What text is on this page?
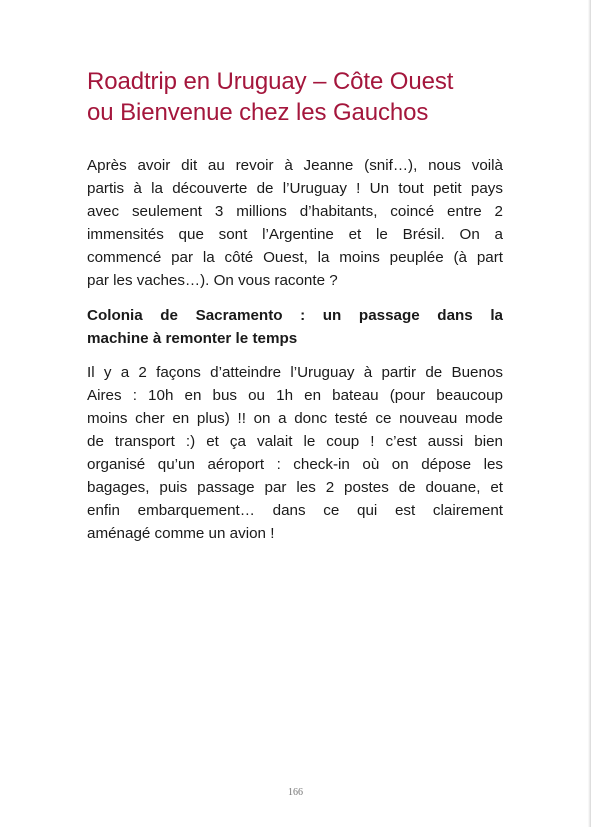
Roadtrip en Uruguay – Côte Ouest
ou Bienvenue chez les Gauchos
Après avoir dit au revoir à Jeanne (snif…), nous voilà
partis à la découverte de l’Uruguay ! Un tout petit pays
avec seulement 3 millions d’habitants, coincé entre 2
immensités que sont l’Argentine et le Brésil. On a
commencé par la côté Ouest, la moins peuplée (à part
par les vaches…). On vous raconte ?
Colonia de Sacramento : un passage dans la
machine à remonter le temps
Il y a 2 façons d’atteindre l’Uruguay à partir de Buenos
Aires : 10h en bus ou 1h en bateau (pour beaucoup
moins cher en plus) !! on a donc testé ce nouveau mode
de transport :) et ça valait le coup ! c’est aussi bien
organisé qu’un aéroport : check-in où on dépose les
bagages, puis passage par les 2 postes de douane, et
enfin embarquement… dans ce qui est clairement
aménagé comme un avion !
166
